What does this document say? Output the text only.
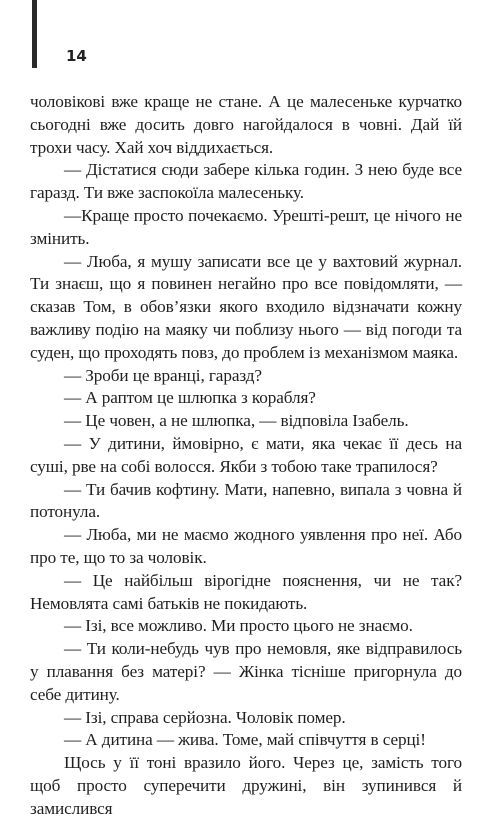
14

чоловікові вже краще не стане. А це малесеньке курчатко сьогодні вже досить довго нагойдалося в човні. Дай їй трохи часу. Хай хоч віддихається.

— Дістатися сюди забере кілька годин. З нею буде все гаразд. Ти вже заспокоїла малесеньку.

—Краще просто почекаємо. Урешті-решт, це нічого не змінить.

— Люба, я мушу записати все це у вахтовий журнал. Ти знаєш, що я повинен негайно про все повідомляти, — сказав Том, в обов’язки якого входило відзначати кожну важливу подію на маяку чи поблизу нього — від погоди та суден, що проходять повз, до проблем із механізмом маяка.

— Зроби це вранці, гаразд?

— А раптом це шлюпка з корабля?

— Це човен, а не шлюпка, — відповіла Ізабель.

— У дитини, ймовірно, є мати, яка чекає її десь на суші, рве на собі волосся. Якби з тобою таке трапилося?

— Ти бачив кофтину. Мати, напевно, випала з човна й потонула.

— Люба, ми не маємо жодного уявлення про неї. Або про те, що то за чоловік.

— Це найбільш вірогідне пояснення, чи не так? Немовлята самі батьків не покидають.

— Ізі, все можливо. Ми просто цього не знаємо.

— Ти коли-небудь чув про немовля, яке відправилось у плавання без матері? — Жінка тісніше пригорнула до себе дитину.

— Ізі, справа серйозна. Чоловік помер.

— А дитина — жива. Томе, май співчуття в серці!

Щось у її тоні вразило його. Через це, замість того щоб просто суперечити дружині, він зупинився й замислився
